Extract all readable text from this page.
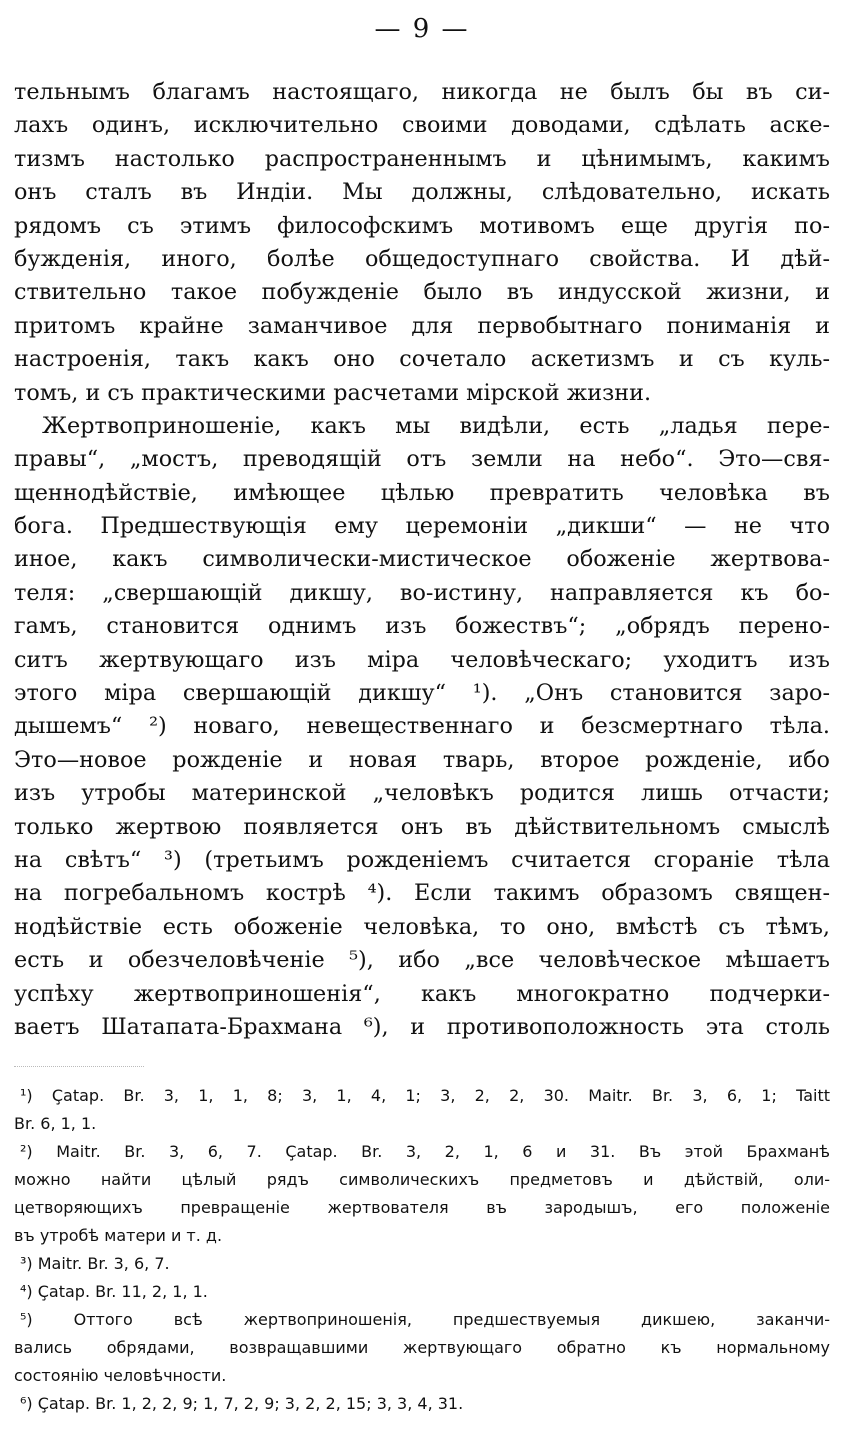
— 9 —
тельнымъ благамъ настоящаго, никогда не былъ бы въ си-
лахъ одинъ, исключительно своими доводами, сдѣлать аске-
тизмъ настолько распространеннымъ и цѣнимымъ, какимъ
онъ сталъ въ Индіи. Мы должны, слѣдовательно, искать
рядомъ съ этимъ философскимъ мотивомъ еще другія по-
бужденія, иного, болѣе общедоступнаго свойства. И дѣй-
ствительно такое побужденіе было въ индусской жизни, и
притомъ крайне заманчивое для первобытнаго пониманія и
настроенія, такъ какъ оно сочетало аскетизмъ и съ куль-
томъ, и съ практическими расчетами мірской жизни.
Жертвоприношеніе, какъ мы видѣли, есть „ладья пере-
правы“, „мостъ, преводящій отъ земли на небо“. Это—свя-
щеннодѣйствіе, имѣющее цѣлью превратить человѣка въ
бога. Предшествующія ему церемоніи „дикши“ — не что
иное, какъ символически-мистическое обоженіе жертвова-
теля: „свершающій дикшу, во-истину, направляется къ бо-
гамъ, становится однимъ изъ божествъ“; „обрядъ перено-
ситъ жертвующаго изъ міра человѣческаго; уходитъ изъ
этого міра свершающій дикшу“ ¹). „Онъ становится заро-
дышемъ“ ²) новаго, невещественнаго и безсмертнаго тѣла.
Это—новое рожденіе и новая тварь, второе рожденіе, ибо
изъ утробы материнской „человѣкъ родится лишь отчасти;
только жертвою появляется онъ въ дѣйствительномъ смыслѣ
на свѣтъ“ ³) (третьимъ рожденіемъ считается сгораніе тѣла
на погребальномъ кострѣ ⁴). Если такимъ образомъ священ-
нодѣйствіе есть обоженіе человѣка, то оно, вмѣстѣ съ тѣмъ,
есть и обезчеловѣченіе ⁵), ибо „все человѣческое мѣшаетъ
успѣху жертвоприношенія“, какъ многократно подчерки-
ваетъ Шатапата-Брахмана ⁶), и противоположность эта столь
¹) Çatap. Br. 3, 1, 1, 8; 3, 1, 4, 1; 3, 2, 2, 30. Maitr. Br. 3, 6, 1; Taitt
Br. 6, 1, 1.
²) Maitr. Br. 3, 6, 7. Çatap. Br. 3, 2, 1, 6 и 31. Въ этой Брахманѣ
можно найти цѣлый рядъ символическихъ предметовъ и дѣйствій, оли-
цетворяющихъ превращеніе жертвователя въ зародышъ, его положеніе
въ утробѣ матери и т. д.
³) Maitr. Br. 3, 6, 7.
⁴) Çatap. Br. 11, 2, 1, 1.
⁵) Оттого всѣ жертвоприношенія, предшествуемыя дикшею, заканчи-
вались обрядами, возвращавшими жертвующаго обратно къ нормальному
состоянію человѣчности.
⁶) Çatap. Br. 1, 2, 2, 9; 1, 7, 2, 9; 3, 2, 2, 15; 3, 3, 4, 31.
